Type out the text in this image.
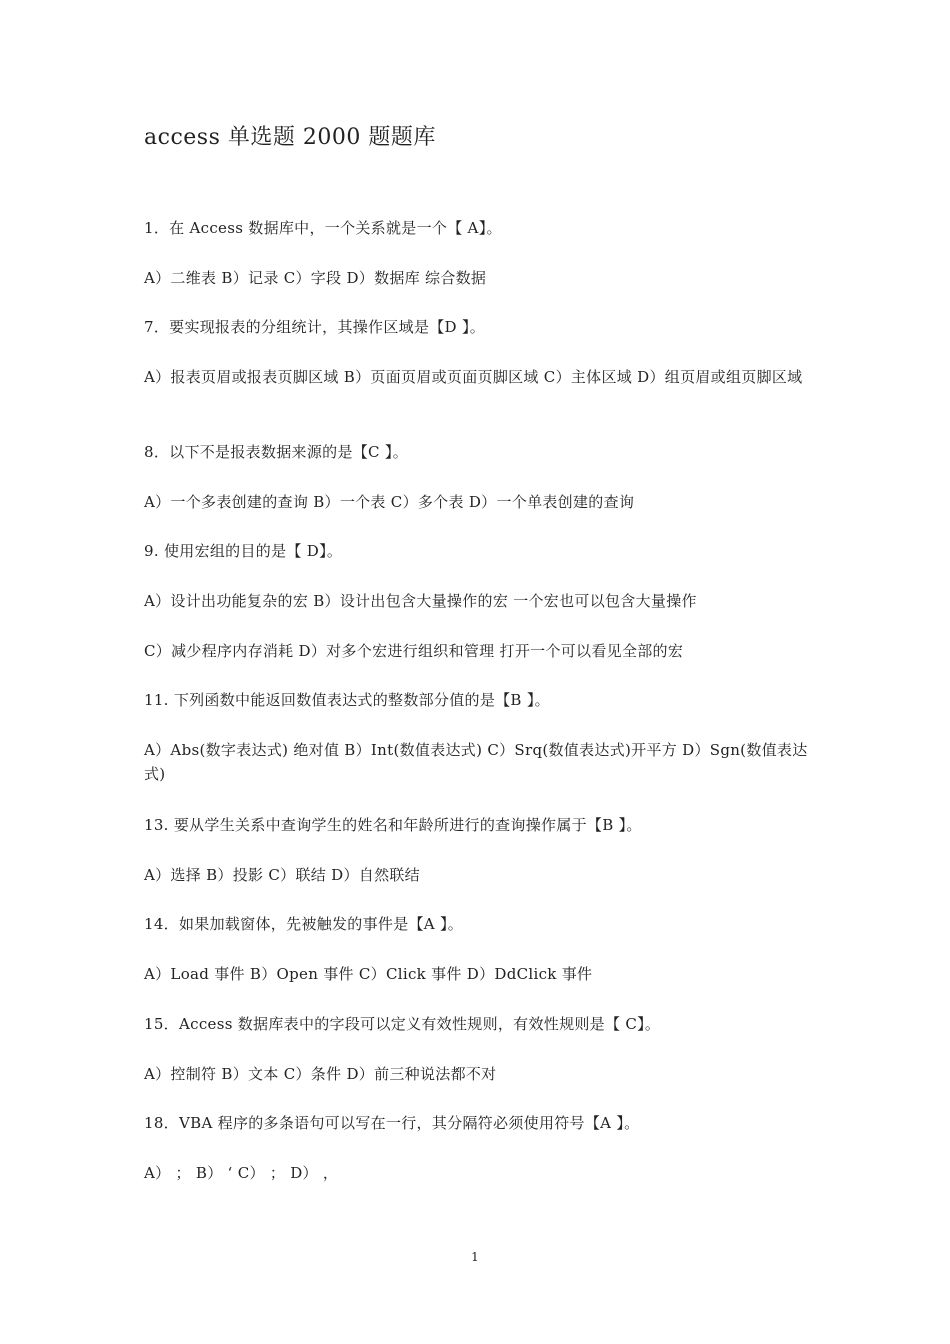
access 单选题 2000 题题库
1．在 Access 数据库中，一个关系就是一个【 A】。
A）二维表 B）记录 C）字段 D）数据库 综合数据
7．要实现报表的分组统计，其操作区域是【D 】。
A）报表页眉或报表页脚区域 B）页面页眉或页面页脚区域 C）主体区域 D）组页眉或组页脚区域
8．以下不是报表数据来源的是【C 】。
A）一个多表创建的查询 B）一个表 C）多个表 D）一个单表创建的查询
9. 使用宏组的目的是【 D】。
A）设计出功能复杂的宏 B）设计出包含大量操作的宏 一个宏也可以包含大量操作
C）减少程序内存消耗 D）对多个宏进行组织和管理 打开一个可以看见全部的宏
11. 下列函数中能返回数值表达式的整数部分值的是【B 】。
A）Abs(数字表达式) 绝对值 B）Int(数值表达式) C）Srq(数值表达式)开平方 D）Sgn(数值表达式)
13. 要从学生关系中查询学生的姓名和年龄所进行的查询操作属于【B 】。
A）选择 B）投影 C）联结 D）自然联结
14．如果加载窗体，先被触发的事件是【A 】。
A）Load 事件 B）Open 事件 C）Click 事件 D）DdClick 事件
15．Access 数据库表中的字段可以定义有效性规则，有效性规则是【 C】。
A）控制符 B）文本 C）条件 D）前三种说法都不对
18．VBA 程序的多条语句可以写在一行，其分隔符必须使用符号【A 】。
A） ； B） ‘ C） ； D） ，
1
